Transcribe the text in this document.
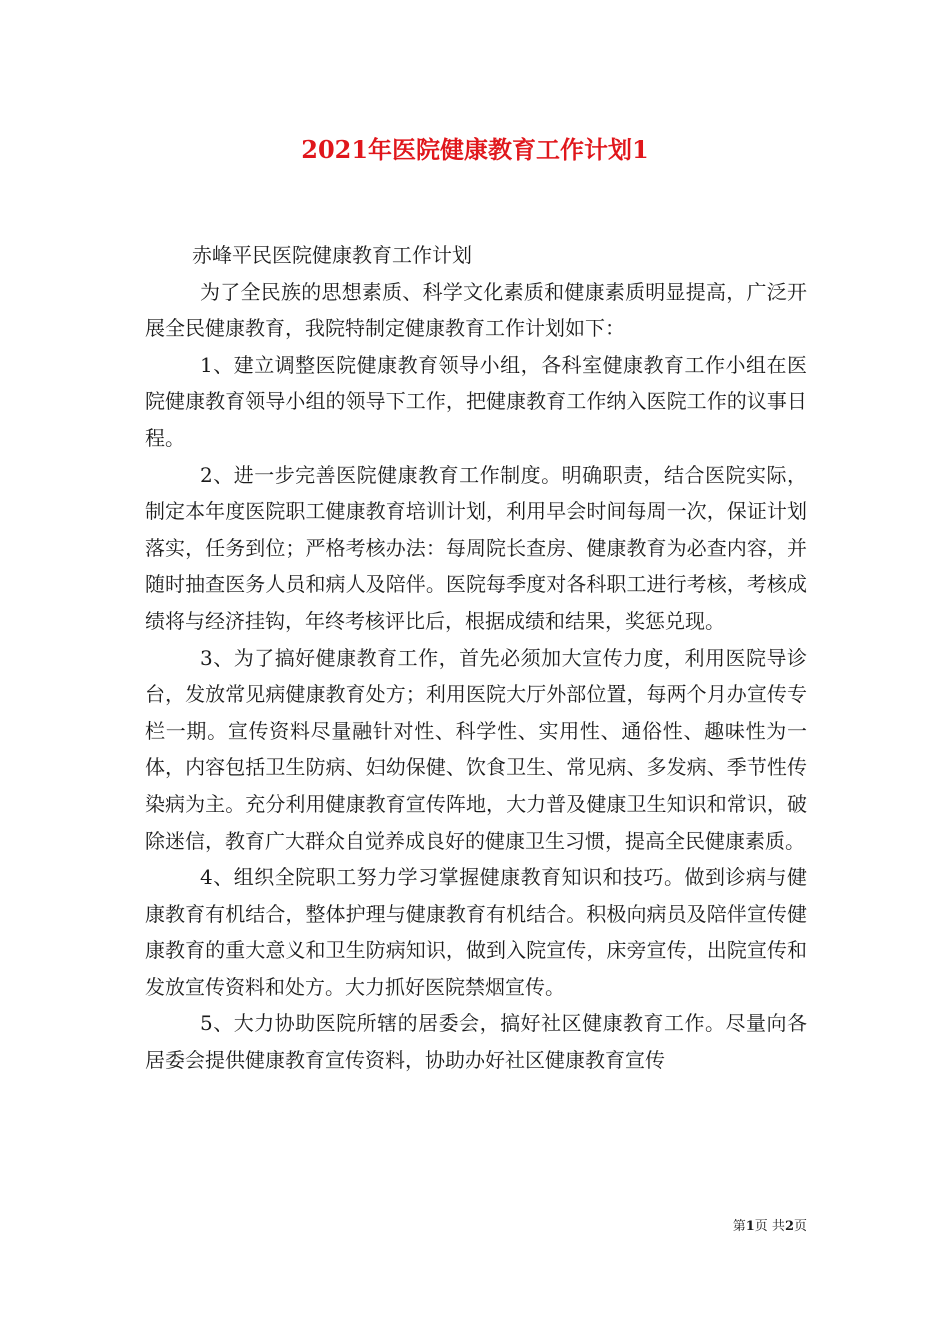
2021年医院健康教育工作计划1

赤峰平民医院健康教育工作计划

为了全民族的思想素质、科学文化素质和健康素质明显提高，广泛开展全民健康教育，我院特制定健康教育工作计划如下：

1、建立调整医院健康教育领导小组，各科室健康教育工作小组在医院健康教育领导小组的领导下工作，把健康教育工作纳入医院工作的议事日程。

2、进一步完善医院健康教育工作制度。明确职责，结合医院实际，制定本年度医院职工健康教育培训计划，利用早会时间每周一次，保证计划落实，任务到位；严格考核办法：每周院长查房、健康教育为必查内容，并随时抽查医务人员和病人及陪伴。医院每季度对各科职工进行考核，考核成绩将与经济挂钩，年终考核评比后，根据成绩和结果，奖惩兑现。

3、为了搞好健康教育工作，首先必须加大宣传力度，利用医院导诊台，发放常见病健康教育处方；利用医院大厅外部位置，每两个月办宣传专栏一期。宣传资料尽量融针对性、科学性、实用性、通俗性、趣味性为一体，内容包括卫生防病、妇幼保健、饮食卫生、常见病、多发病、季节性传染病为主。充分利用健康教育宣传阵地，大力普及健康卫生知识和常识，破除迷信，教育广大群众自觉养成良好的健康卫生习惯，提高全民健康素质。

4、组织全院职工努力学习掌握健康教育知识和技巧。做到诊病与健康教育有机结合，整体护理与健康教育有机结合。积极向病员及陪伴宣传健康教育的重大意义和卫生防病知识，做到入院宣传，床旁宣传，出院宣传和发放宣传资料和处方。大力抓好医院禁烟宣传。

5、大力协助医院所辖的居委会，搞好社区健康教育工作。尽量向各居委会提供健康教育宣传资料，协助办好社区健康教育宣传

第1页 共2页
